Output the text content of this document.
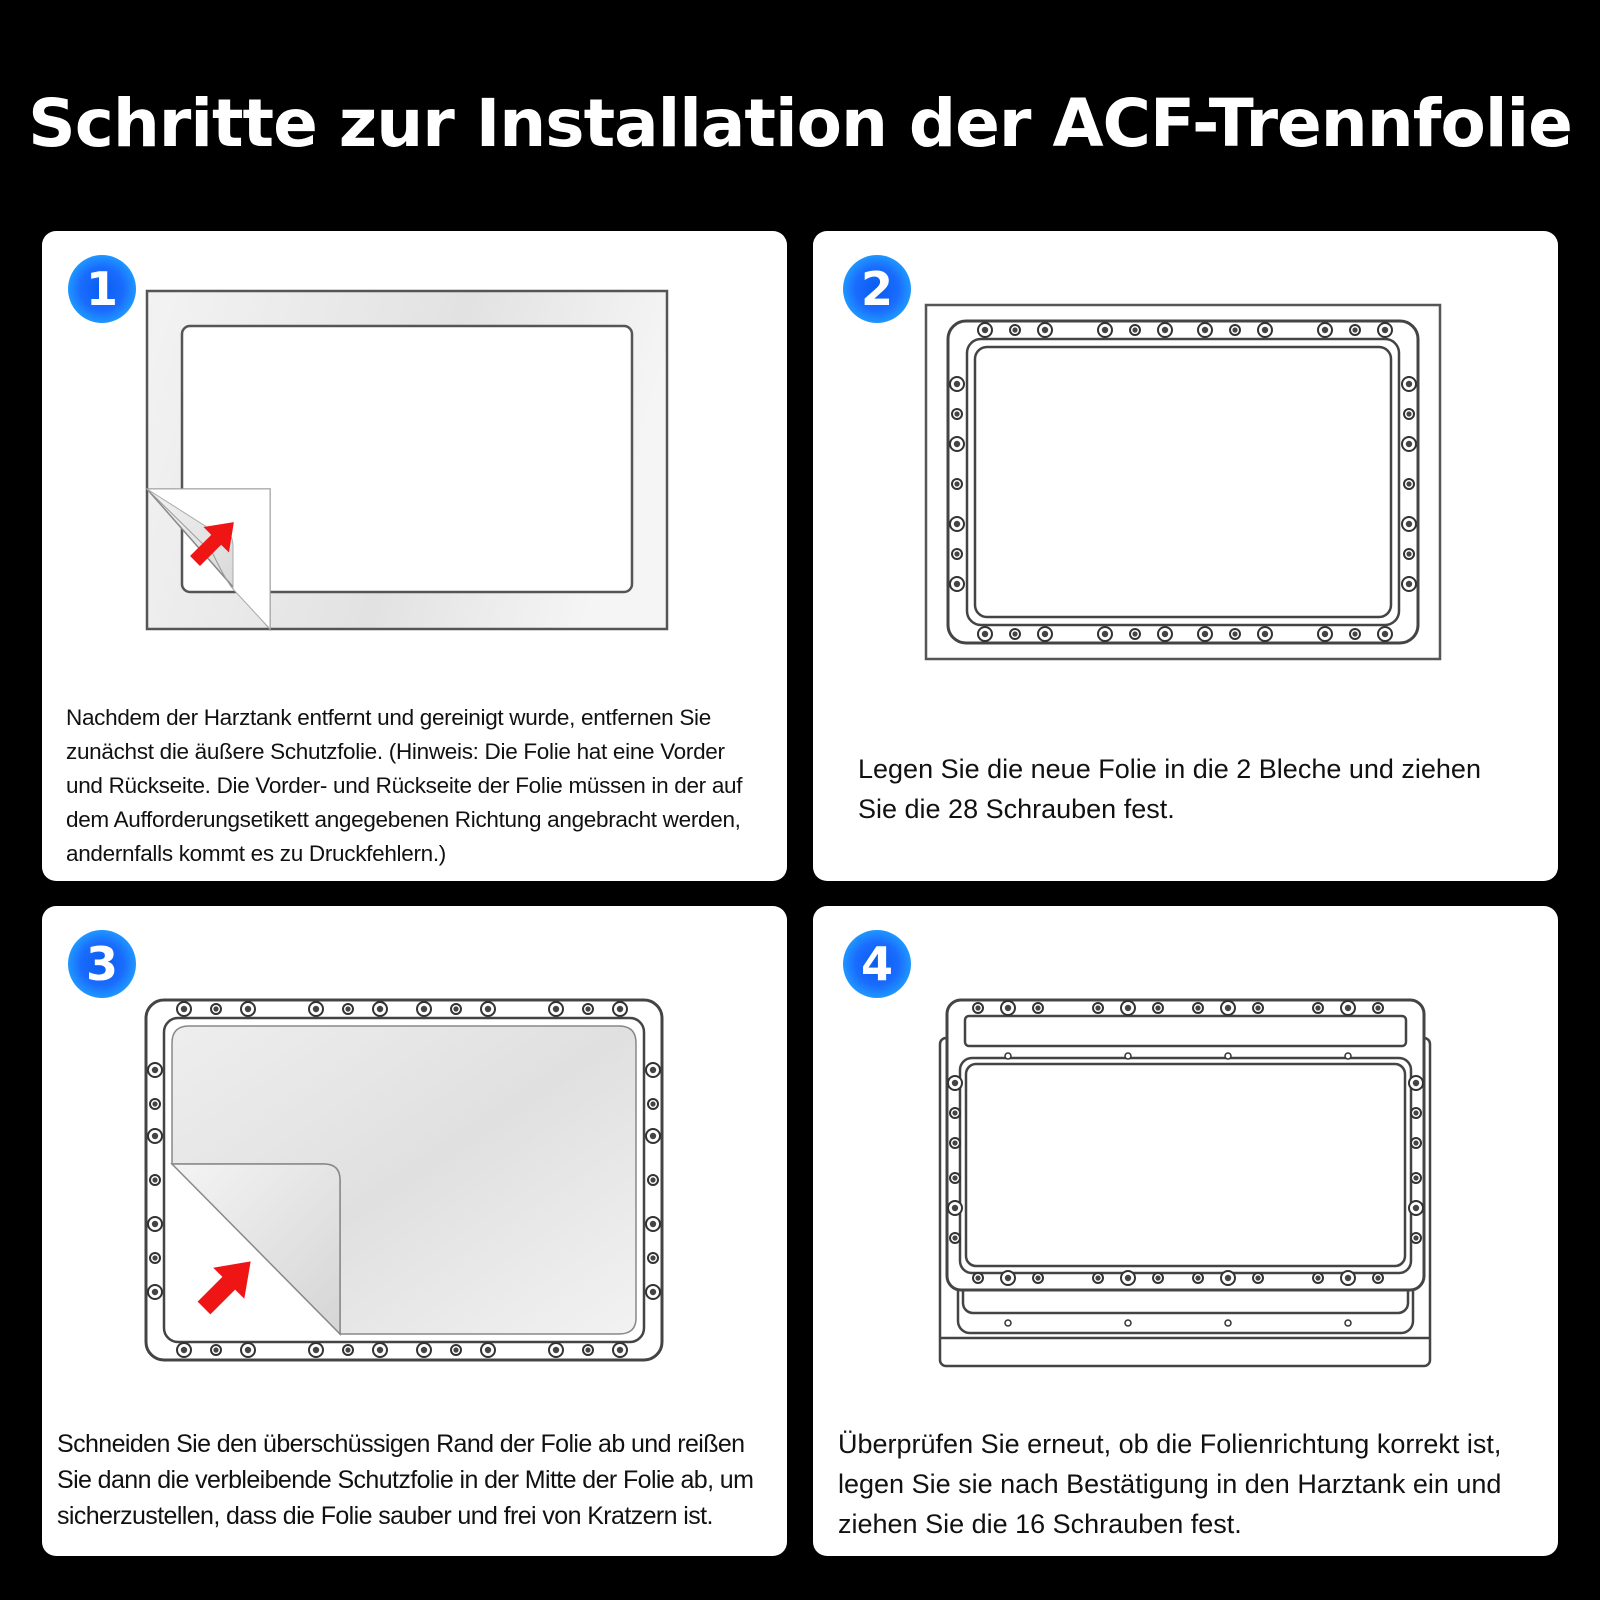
Schritte zur Installation der ACF-Trennfolie
1

Nachdem der Harztank entfernt und gereinigt wurde, entfernen Sie zunächst die äußere Schutzfolie. (Hinweis: Die Folie hat eine Vorder und Rückseite. Die Vorder- und Rückseite der Folie müssen in der auf dem Aufforderungsetikett angegebenen Richtung angebracht werden, andernfalls kommt es zu Druckfehlern.)

2

Legen Sie die neue Folie in die 2 Bleche und ziehen Sie die 28 Schrauben fest.

3

Schneiden Sie den überschüssigen Rand der Folie ab und reißen Sie dann die verbleibende Schutzfolie in der Mitte der Folie ab, um sicherzustellen, dass die Folie sauber und frei von Kratzern ist.

4

Überprüfen Sie erneut, ob die Folienrichtung korrekt ist, legen Sie sie nach Bestätigung in den Harztank ein und ziehen Sie die 16 Schrauben fest.
